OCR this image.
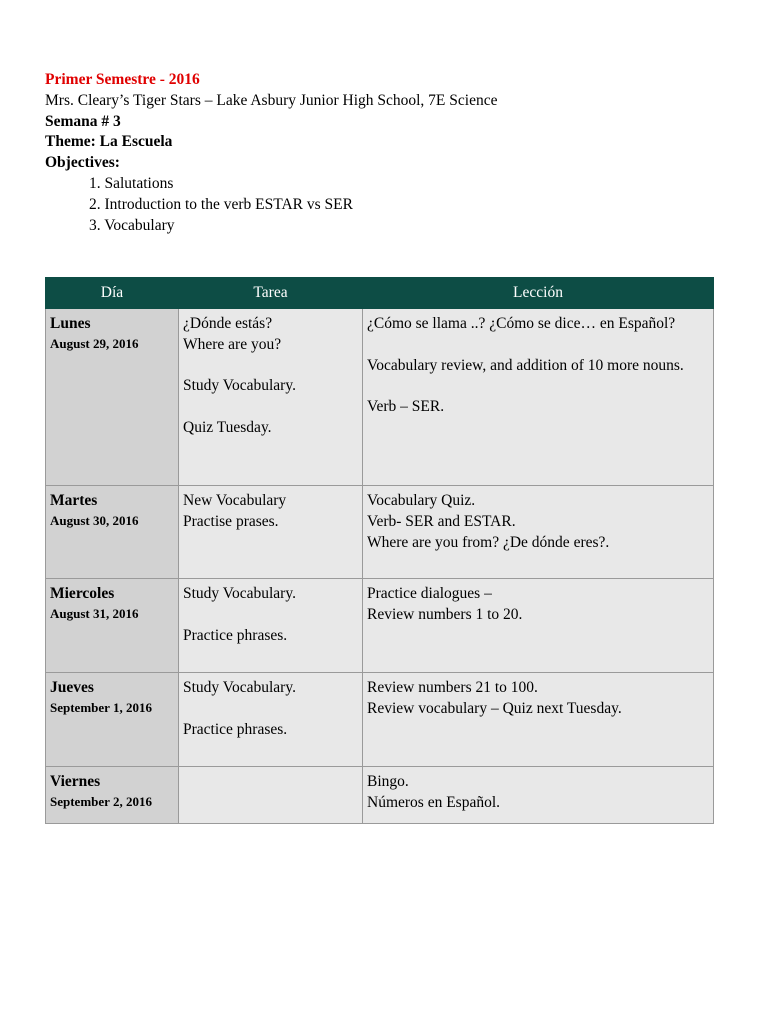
Primer Semestre - 2016
Mrs. Cleary’s Tiger Stars – Lake Asbury Junior High School, 7E Science
Semana # 3
Theme: La Escuela
Objectives:
1. Salutations
2. Introduction to the verb ESTAR vs SER
3. Vocabulary
Día	Tarea	Lección

Lunes
August 29, 2016	¿Dónde estás?
Where are you?
Study Vocabulary.
Quiz Tuesday.	¿Cómo se llama ..? ¿Cómo se dice… en Español?
Vocabulary review, and addition of 10 more nouns.
Verb – SER.

Martes
August 30, 2016	New Vocabulary
Practise prases.	Vocabulary Quiz.
Verb- SER and ESTAR.
Where are you from? ¿De dónde eres?.

Miercoles
August 31, 2016	Study Vocabulary.
Practice phrases.	Practice dialogues –
Review numbers 1 to 20.

Jueves
September 1, 2016	Study Vocabulary.
Practice phrases.	Review numbers 21 to 100.
Review vocabulary – Quiz next Tuesday.

Viernes
September 2, 2016		Bingo.
Números en Español.
